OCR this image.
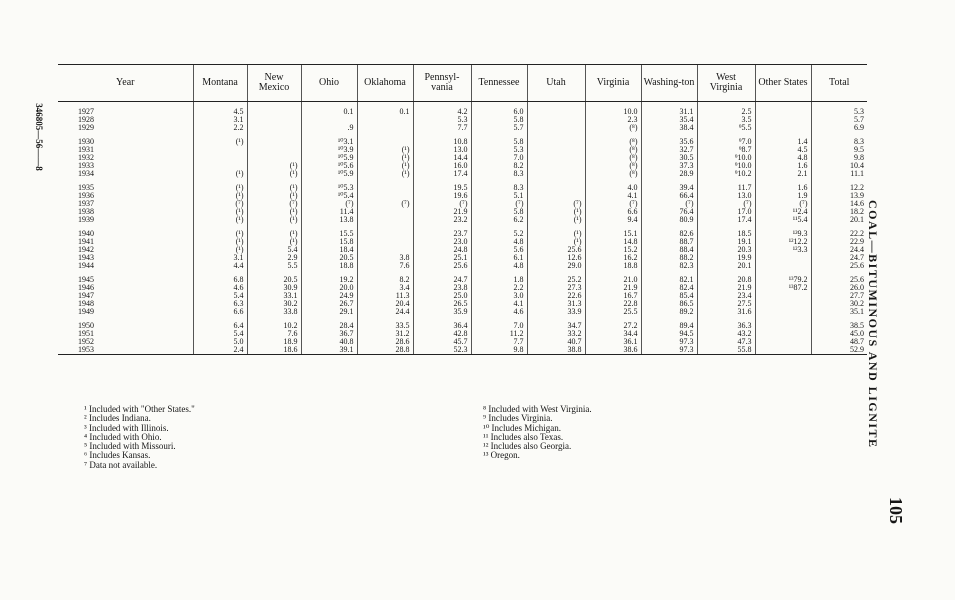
346805—56——8
Year	Montana	New Mexico	Ohio	Oklahoma	Pennsyl-vania	Tennessee	Utah	Virginia	Washing-ton	West Virginia	Other States	Total
1927	4.5		0.1	0.1	4.2	6.0		10.0	31.1	2.5		5.3
1928	3.1				5.3	5.8		2.3	35.4	3.5		5.7
1929	2.2		.9		7.7	5.7		(⁸)	38.4	⁹5.5		6.9
1930	(¹)		¹⁰3.1		10.8	5.8		(⁸)	35.6	⁹7.0	1.4	8.3
1931			¹⁰3.9	(¹)	13.0	5.3		(⁸)	32.7	⁹8.7	4.5	9.5
1932			¹⁰5.9	(¹)	14.4	7.0		(⁸)	30.5	⁹10.0	4.8	9.8
1933		(¹)	¹⁰5.6	(¹)	16.0	8.2		(⁸)	37.3	⁹10.0	1.6	10.4
1934	(¹)	(¹)	¹⁰5.9	(¹)	17.4	8.3		(⁸)	28.9	⁹10.2	2.1	11.1
1935	(¹)	(¹)	¹⁰5.3		19.5	8.3		4.0	39.4	11.7	1.6	12.2
1936	(¹)	(¹)	¹⁰5.4		19.6	5.1		4.1	66.4	13.0	1.9	13.9
1937	(⁷)	(⁷)	(⁷)	(⁷)	(⁷)	(⁷)	(⁷)	(⁷)	(⁷)	(⁷)	(⁷)	14.6
1938	(¹)	(¹)	11.4		21.9	5.8	(¹)	6.6	76.4	17.0	¹¹2.4	18.2
1939	(¹)	(¹)	13.8		23.2	6.2	(¹)	9.4	80.9	17.4	¹¹5.4	20.1
1940	(¹)	(¹)	15.5		23.7	5.2	(¹)	15.1	82.6	18.5	¹²9.3	22.2
1941	(¹)	(¹)	15.8		23.0	4.8	(¹)	14.8	88.7	19.1	¹²12.2	22.9
1942	(¹)	5.4	18.4		24.8	5.6	25.6	15.2	88.4	20.3	¹²3.3	24.4
1943	3.1	2.9	20.5	3.8	25.1	6.1	12.6	16.2	88.2	19.9		24.7
1944	4.4	5.5	18.8	7.6	25.6	4.8	29.0	18.8	82.3	20.1		25.6
1945	6.8	20.5	19.2	8.2	24.7	1.8	25.2	21.0	82.1	20.8	¹³79.2	25.6
1946	4.6	30.9	20.0	3.4	23.8	2.2	27.3	21.9	82.4	21.9	¹³87.2	26.0
1947	5.4	33.1	24.9	11.3	25.0	3.0	22.6	16.7	85.4	23.4		27.7
1948	6.3	30.2	26.7	20.4	26.5	4.1	31.3	22.8	86.5	27.5		30.2
1949	6.6	33.8	29.1	24.4	35.9	4.6	33.9	25.5	89.2	31.6		35.1
1950	6.4	10.2	28.4	33.5	36.4	7.0	34.7	27.2	89.4	36.3		38.5
1951	5.4	7.6	36.7	31.2	42.8	11.2	33.2	34.4	94.5	43.2		45.0
1952	5.0	18.9	40.8	28.6	45.7	7.7	40.7	36.1	97.3	47.3		48.7
1953	2.4	18.6	39.1	28.8	52.3	9.8	38.8	38.6	97.3	55.8		52.9
¹ Included with "Other States."
² Includes Indiana.
³ Included with Illinois.
⁴ Included with Ohio.
⁵ Included with Missouri.
⁶ Includes Kansas.
⁷ Data not available.
⁸ Included with West Virginia.
⁹ Includes Virginia.
¹⁰ Includes Michigan.
¹¹ Includes also Texas.
¹² Includes also Georgia.
¹³ Oregon.
COAL—BITUMINOUS AND LIGNITE
105
